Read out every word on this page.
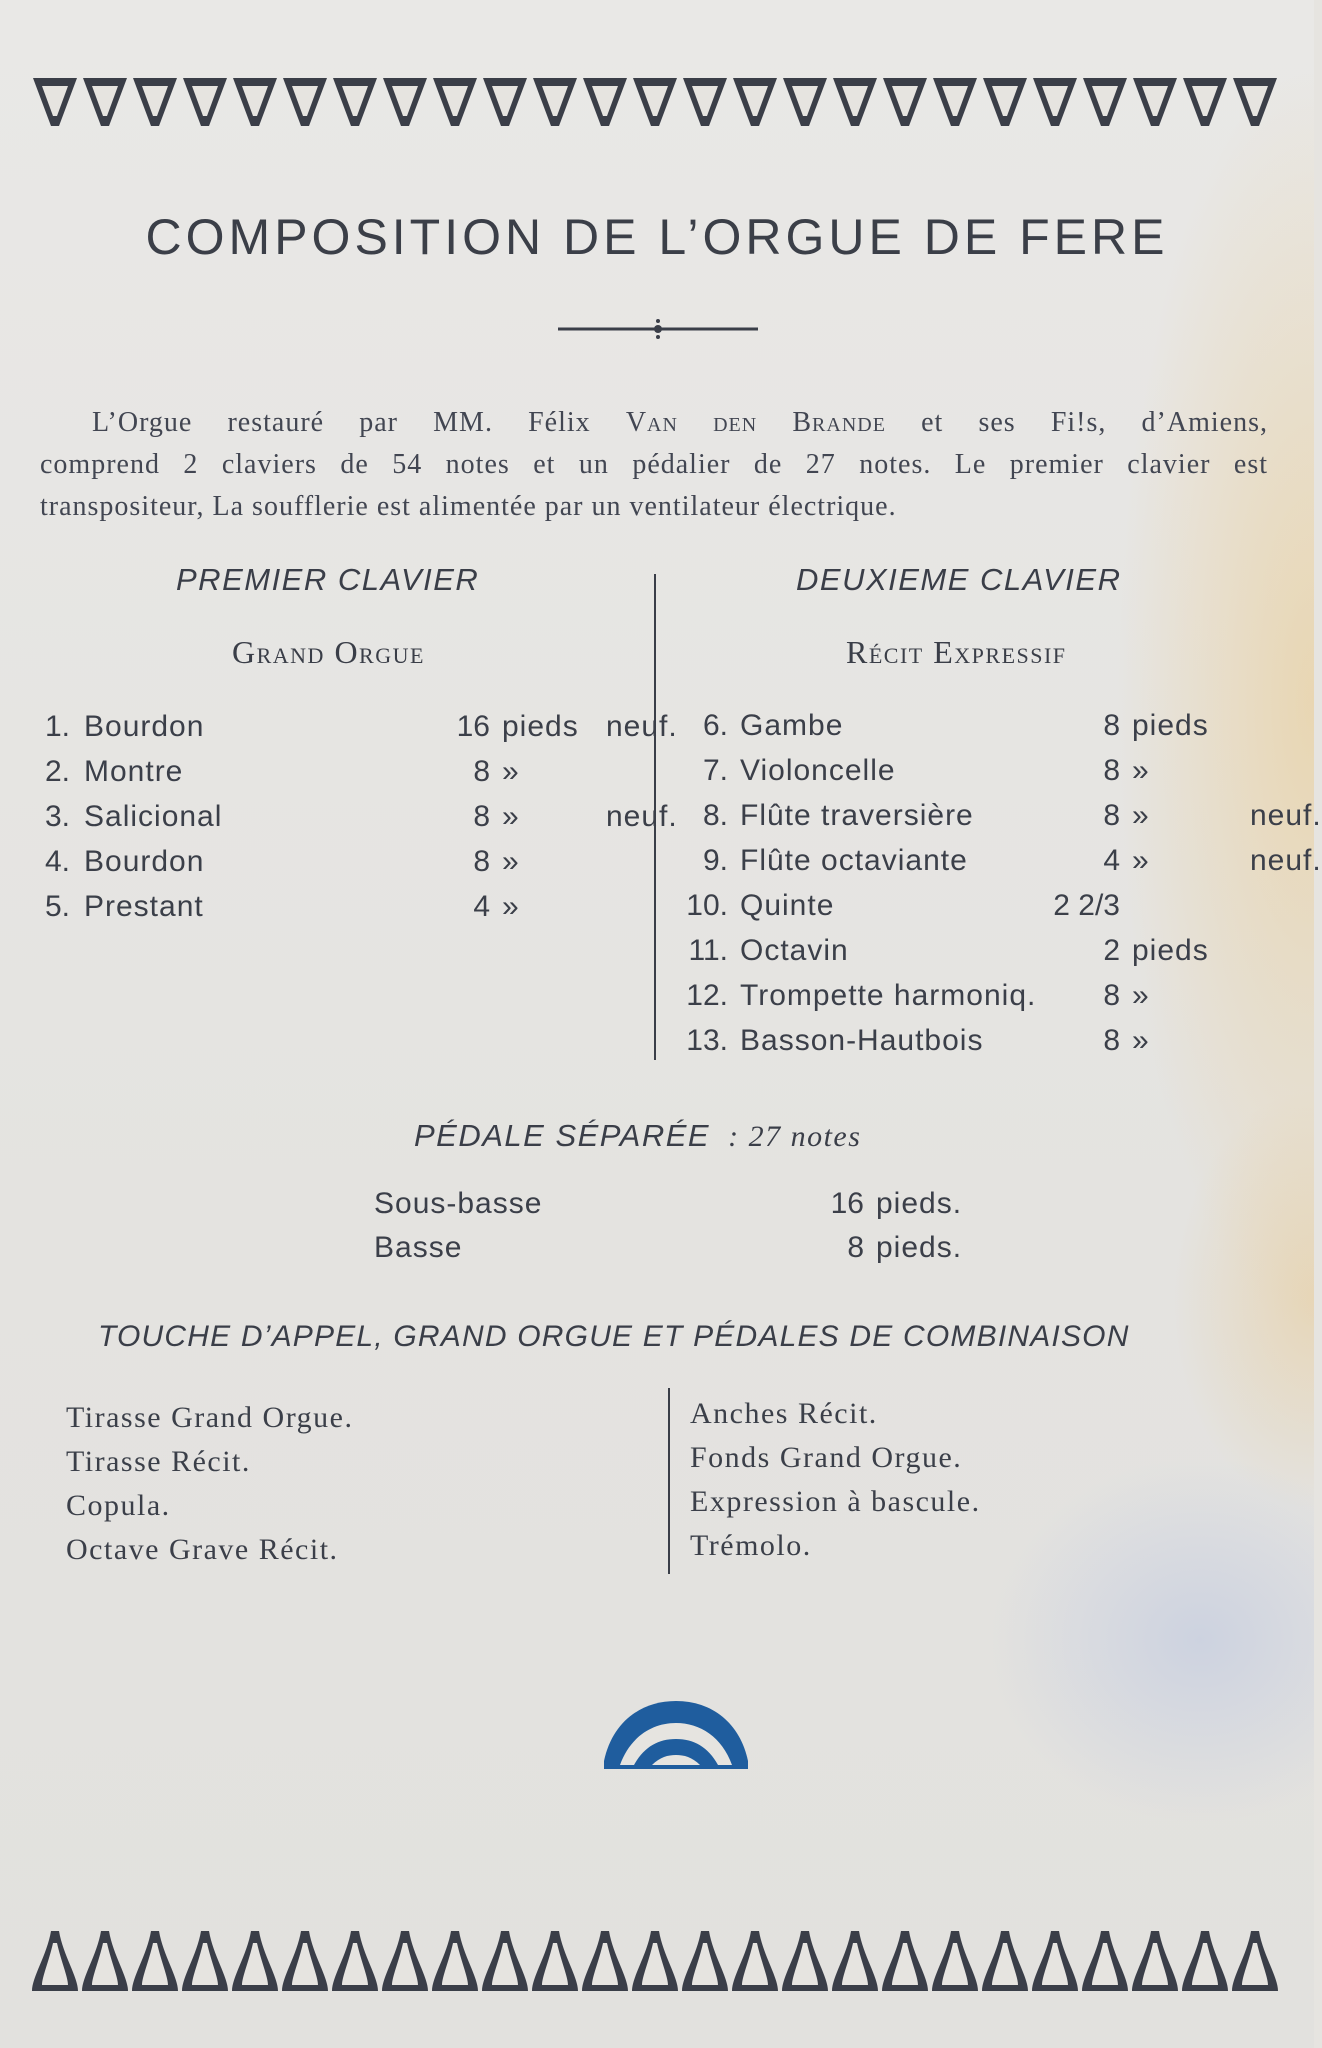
COMPOSITION DE L’ORGUE DE FERE

L’Orgue restauré par MM. Félix Van den Brande et ses Fi!s, d’Amiens,
comprend 2 claviers de 54 notes et un pédalier de 27 notes. Le premier clavier est
transpositeur, La soufflerie est alimentée par un ventilateur électrique.

PREMIER CLAVIER
Grand Orgue
DEUXIEME CLAVIER
Récit Expressif
1. Bourdon	16 pieds neuf.
2. Montre	8 »
3. Salicional	8 »	neuf.
4. Bourdon	8 »
5. Prestant	4 »
6. Gambe	8 pieds
7. Violoncelle	8 »
8. Flûte traversière	8 »	neuf.
9. Flûte octaviante	4 »	neuf.
10. Quinte	2 2/3
11. Octavin	2 pieds
12. Trompette harmoniq.	8 »
13. Basson-Hautbois	8 »
PÉDALE SÉPARÉE : 27 notes
Sous-basse	16 pieds.
Basse	8 pieds.
TOUCHE D’APPEL, GRAND ORGUE ET PÉDALES DE COMBINAISON
Tirasse Grand Orgue.
Tirasse Récit.
Copula.
Octave Grave Récit.
Anches Récit.
Fonds Grand Orgue.
Expression à bascule.
Trémolo.
